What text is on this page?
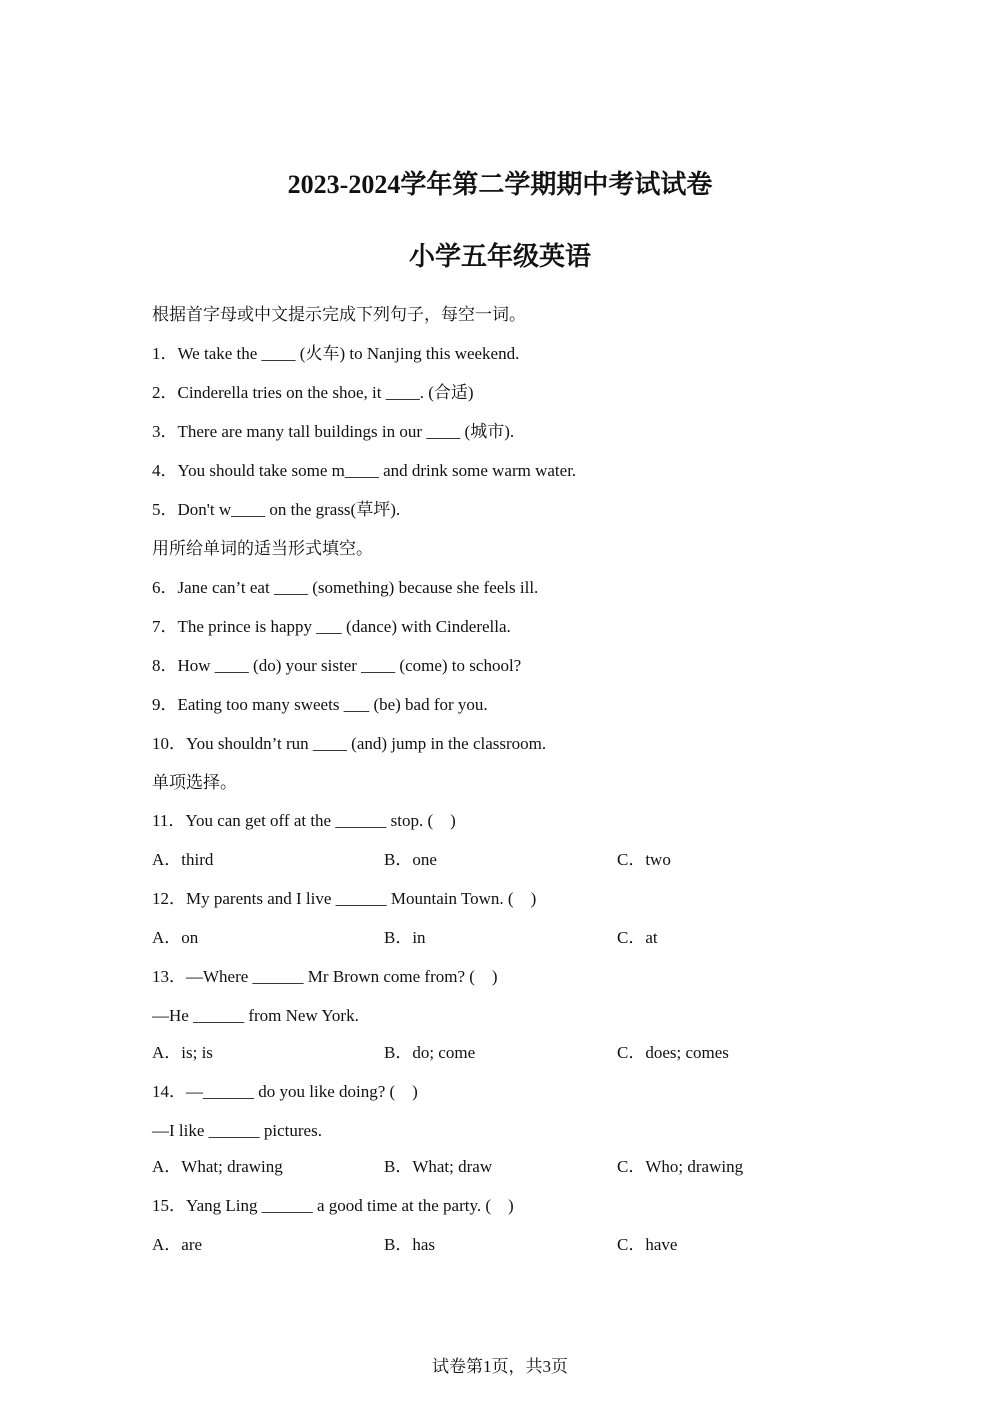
2023-2024学年第二学期期中考试试卷
小学五年级英语
根据首字母或中文提示完成下列句子，每空一词。
1．We take the ____ (火车) to Nanjing this weekend.
2．Cinderella tries on the shoe, it ____. (合适)
3．There are many tall buildings in our ____ (城市).
4．You should take some m____ and drink some warm water.
5．Don't w____ on the grass(草坪).
用所给单词的适当形式填空。
6．Jane can’t eat ____ (something) because she feels ill.
7．The prince is happy ___ (dance) with Cinderella.
8．How ____ (do) your sister ____ (come) to school?
9．Eating too many sweets ___ (be) bad for you.
10．You shouldn’t run ____ (and) jump in the classroom.
单项选择。
11．You can get off at the ______ stop. (　)
A．third	B．one	C．two
12．My parents and I live ______ Mountain Town. (　)
A．on	B．in	C．at
13．—Where ______ Mr Brown come from? (　)
—He ______ from New York.
A．is; is	B．do; come	C．does; comes
14．—______ do you like doing? (　)
—I like ______ pictures.
A．What; drawing	B．What; draw	C．Who; drawing
15．Yang Ling ______ a good time at the party. (　)
A．are	B．has	C．have
试卷第1页，共3页
